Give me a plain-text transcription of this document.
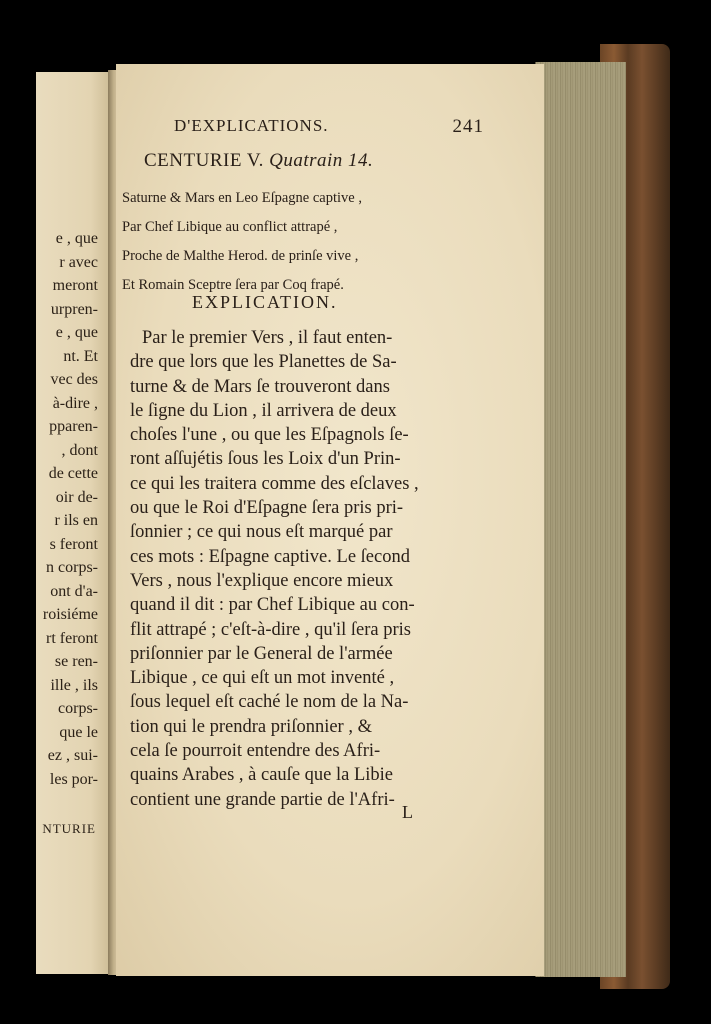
e , que
r avec
meront
urpren-
e , que
nt. Et
vec des
à-dire ,
pparen-
, dont
de cette
oir de-
r ils en
s feront
n corps-
ont d'a-
roisiéme
rt feront
se ren-
ille , ils
corps-
que le
ez , sui-
les por-
NTURIE
D'EXPLICATIONS.	241
CENTURIE V. Quatrain 14.
Saturne & Mars en Leo Eſpagne captive ,
Par Chef Libique au conflict attrapé ,
Proche de Malthe Herod. de prinſe vive ,
Et Romain Sceptre ſera par Coq frapé.
EXPLICATION.
Par le premier Vers , il faut enten-
dre que lors que les Planettes de Sa-
turne & de Mars ſe trouveront dans
le ſigne du Lion , il arrivera de deux
choſes l'une , ou que les Eſpagnols ſe-
ront aſſujétis ſous les Loix d'un Prin-
ce qui les traitera comme des eſclaves ,
ou que le Roi d'Eſpagne ſera pris pri-
ſonnier ; ce qui nous eſt marqué par
ces mots : Eſpagne captive. Le ſecond
Vers , nous l'explique encore mieux
quand il dit : par Chef Libique au con-
flit attrapé ; c'eſt-à-dire , qu'il ſera pris
priſonnier par le General de l'armée
Libique , ce qui eſt un mot inventé ,
ſous lequel eſt caché le nom de la Na-
tion qui le prendra priſonnier , &
cela ſe pourroit entendre des Afri-
quains Arabes , à cauſe que la Libie
contient une grande partie de l'Afri-
L
